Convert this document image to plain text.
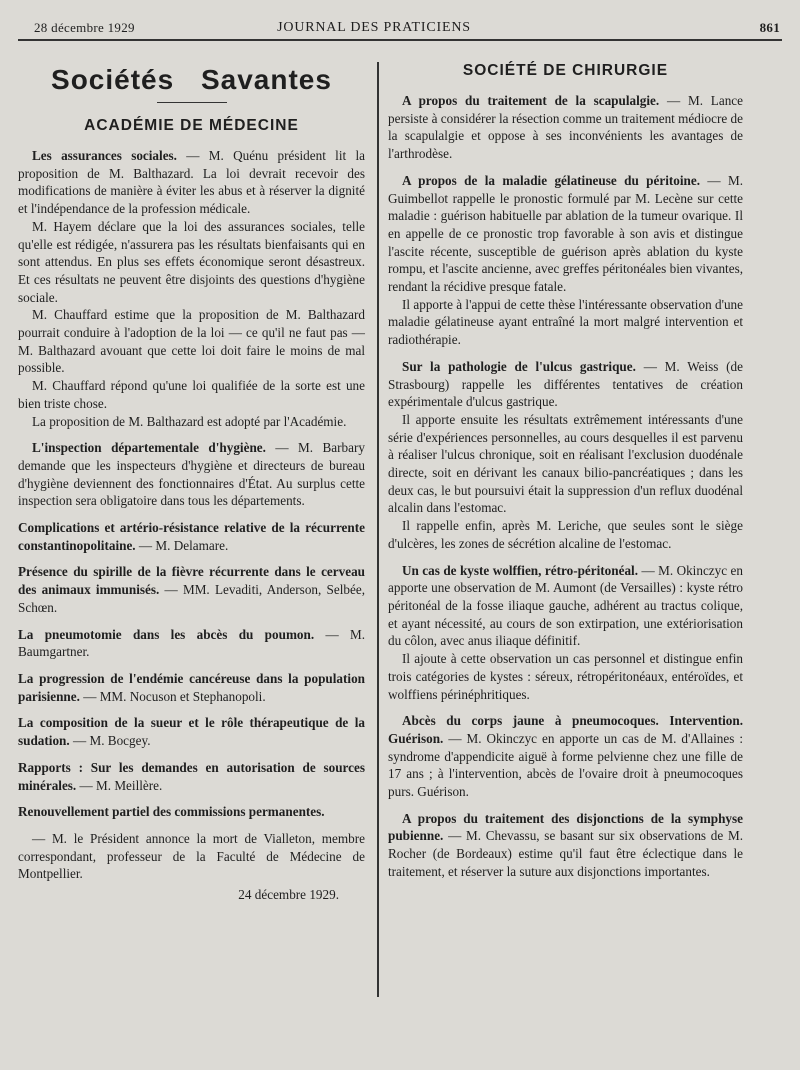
28 décembre 1929	JOURNAL DES PRATICIENS	861
Sociétés Savantes
ACADÉMIE DE MÉDECINE

Les assurances sociales. — M. Quénu président lit la proposition de M. Balthazard. La loi devrait recevoir des modifications de manière à éviter les abus et à réserver la dignité et l'indépendance de la profession médicale.

M. Hayem déclare que la loi des assurances sociales, telle qu'elle est rédigée, n'assurera pas les résultats bienfaisants qui en sont attendus. En plus ses effets économique seront désastreux. Et ces résultats ne peuvent être disjoints des questions d'hygiène sociale.

M. Chauffard estime que la proposition de M. Balthazard pourrait conduire à l'adoption de la loi — ce qu'il ne faut pas — M. Balthazard avouant que cette loi doit faire le moins de mal possible.

M. Chauffard répond qu'une loi qualifiée de la sorte est une bien triste chose.

La proposition de M. Balthazard est adopté par l'Académie.

L'inspection départementale d'hygiène. — M. Barbary demande que les inspecteurs d'hygiène et directeurs de bureau d'hygiène deviennent des fonctionnaires d'État. Au surplus cette inspection sera obligatoire dans tous les départements.

Complications et artério-résistance relative de la récurrente constantinopolitaine. — M. Delamare.

Présence du spirille de la fièvre récurrente dans le cerveau des animaux immunisés. — MM. Levaditi, Anderson, Selbée, Schœn.

La pneumotomie dans les abcès du poumon. — M. Baumgartner.

La progression de l'endémie cancéreuse dans la population parisienne. — MM. Nocuson et Stephanopoli.

La composition de la sueur et le rôle thérapeutique de la sudation. — M. Bocgey.

Rapports : Sur les demandes en autorisation de sources minérales. — M. Meillère.

Renouvellement partiel des commissions permanentes.

— M. le Président annonce la mort de Vialleton, membre correspondant, professeur de la Faculté de Médecine de Montpellier.

24 décembre 1929.
SOCIÉTÉ DE CHIRURGIE

A propos du traitement de la scapulalgie. — M. Lance persiste à considérer la résection comme un traitement médiocre de la scapulalgie et oppose à ses inconvénients les avantages de l'arthrodèse.

A propos de la maladie gélatineuse du péritoine. — M. Guimbellot rappelle le pronostic formulé par M. Lecène sur cette maladie : guérison habituelle par ablation de la tumeur ovarique. Il en appelle de ce pronostic trop favorable à son avis et distingue l'ascite récente, susceptible de guérison après ablation du kyste rompu, et l'ascite ancienne, avec greffes péritonéales bien vivantes, rendant la récidive presque fatale.

Il apporte à l'appui de cette thèse l'intéressante observation d'une maladie gélatineuse ayant entraîné la mort malgré intervention et radiothérapie.

Sur la pathologie de l'ulcus gastrique. — M. Weiss (de Strasbourg) rappelle les différentes tentatives de création expérimentale d'ulcus gastrique.

Il apporte ensuite les résultats extrêmement intéressants d'une série d'expériences personnelles, au cours desquelles il est parvenu à réaliser l'ulcus chronique, soit en réalisant l'exclusion duodénale directe, soit en dérivant les canaux bilio-pancréatiques ; dans les deux cas, le but poursuivi était la suppression d'un reflux duodénal alcalin dans l'estomac.

Il rappelle enfin, après M. Leriche, que seules sont le siège d'ulcères, les zones de sécrétion alcaline de l'estomac.

Un cas de kyste wolffien, rétro-péritonéal. — M. Okinczyc en apporte une observation de M. Aumont (de Versailles) : kyste rétro péritonéal de la fosse iliaque gauche, adhérent au tractus colique, et ayant nécessité, au cours de son extirpation, une extériorisation du côlon, avec anus iliaque définitif.

Il ajoute à cette observation un cas personnel et distingue enfin trois catégories de kystes : séreux, rétropéritonéaux, entéroïdes, et wolffiens périnéphritiques.

Abcès du corps jaune à pneumocoques. Intervention. Guérison. — M. Okinczyc en apporte un cas de M. d'Allaines : syndrome d'appendicite aiguë à forme pelvienne chez une fille de 17 ans ; à l'intervention, abcès de l'ovaire droit à pneumocoques purs. Guérison.

A propos du traitement des disjonctions de la symphyse pubienne. — M. Chevassu, se basant sur six observations de M. Rocher (de Bordeaux) estime qu'il faut être éclectique dans le traitement, et réserver la suture aux disjonctions importantes.
